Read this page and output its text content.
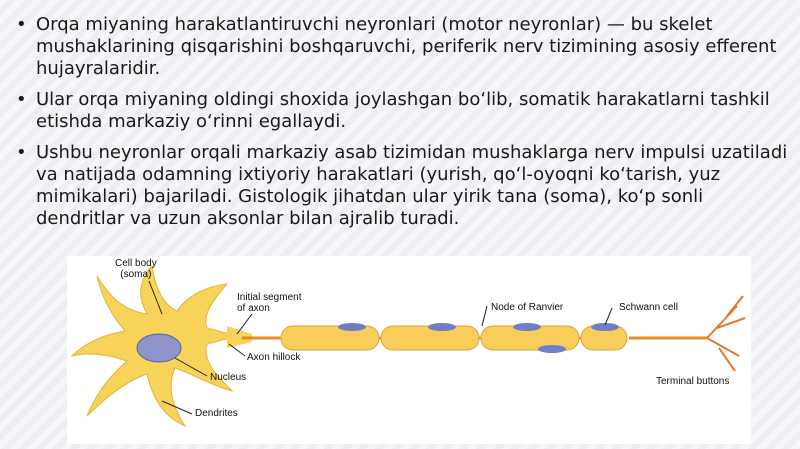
• Orqa miyaning harakatlantiruvchi neyronlari (motor neyronlar) — bu skelet mushaklarining qisqarishini boshqaruvchi, periferik nerv tizimining asosiy efferent hujayralaridir.
• Ular orqa miyaning oldingi shoxida joylashgan bo‘lib, somatik harakatlarni tashkil etishda markaziy o‘rinni egallaydi.
• Ushbu neyronlar orqali markaziy asab tizimidan mushaklarga nerv impulsi uzatiladi va natijada odamning ixtiyoriy harakatlari (yurish, qo‘l-oyoqni ko‘tarish, yuz mimikalari) bajariladi. Gistologik jihatdan ular yirik tana (soma), ko‘p sonli dendritlar va uzun aksonlar bilan ajralib turadi.
Cell body
(soma)
Initial segment
of axon	Node of Ranvier	Schwann cell
Axon hillock
Nucleus	Terminal buttons
Dendrites
